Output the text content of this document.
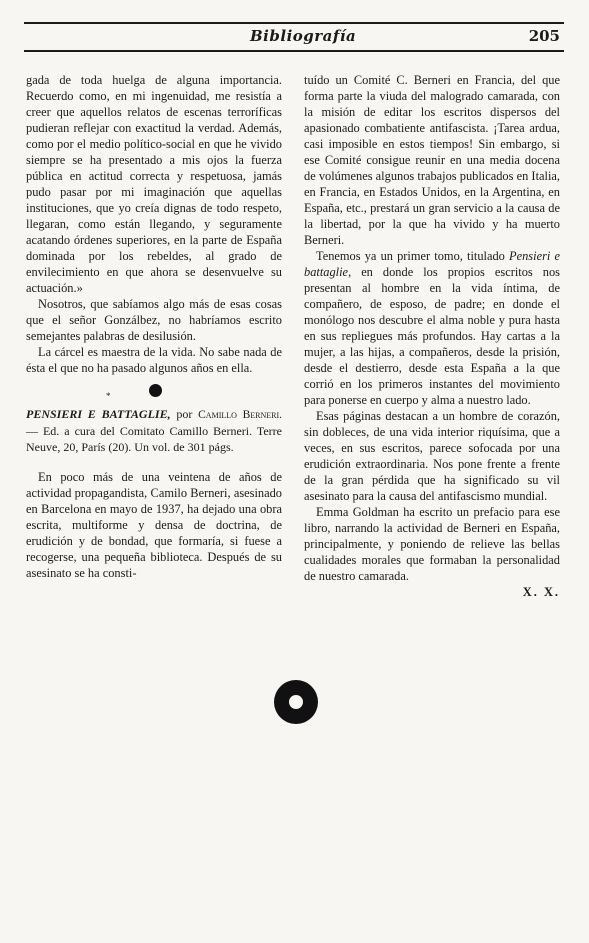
Bibliografía	205

gada de toda huelga de alguna importancia. Recuerdo como, en mi ingenuidad, me resistía a creer que aquellos relatos de escenas terroríficas pudieran reflejar con exactitud la verdad. Además, como por el medio político-social en que he vivido siempre se ha presentado a mis ojos la fuerza pública en actitud correcta y respetuosa, jamás pudo pasar por mi imaginación que aquellas instituciones, que yo creía dignas de todo respeto, llegaran, como están llegando, y seguramente acatando órdenes superiores, en la parte de España dominada por los rebeldes, al grado de envilecimiento en que ahora se desenvuelve su actuación.»

Nosotros, que sabíamos algo más de esas cosas que el señor Gonzálbez, no habríamos escrito semejantes palabras de desilusión.

La cárcel es maestra de la vida. No sabe nada de ésta el que no ha pasado algunos años en ella.

*

PENSIERI E BATTAGLIE, por Camillo Berneri. — Ed. a cura del Comitato Camillo Berneri. Terre Neuve, 20, París (20). Un vol. de 301 págs.

En poco más de una veintena de años de actividad propagandista, Camilo Berneri, asesinado en Barcelona en mayo de 1937, ha dejado una obra escrita, multiforme y densa de doctrina, de erudición y de bondad, que formaría, si fuese a recogerse, una pequeña biblioteca. Después de su asesinato se ha consti-

tuído un Comité C. Berneri en Francia, del que forma parte la viuda del malogrado camarada, con la misión de editar los escritos dispersos del apasionado combatiente antifascista. ¡Tarea ardua, casi imposible en estos tiempos! Sin embargo, si ese Comité consigue reunir en una media docena de volúmenes algunos trabajos publicados en Italia, en Francia, en Estados Unidos, en la Argentina, en España, etc., prestará un gran servicio a la causa de la libertad, por la que ha vivido y ha muerto Berneri.

Tenemos ya un primer tomo, titulado Pensieri e battaglie, en donde los propios escritos nos presentan al hombre en la vida íntima, de compañero, de esposo, de padre; en donde el monólogo nos descubre el alma noble y pura hasta en sus repliegues más profundos. Hay cartas a la mujer, a las hijas, a compañeros, desde la prisión, desde el destierro, desde esta España a la que corrió en los primeros instantes del movimiento para ponerse en cuerpo y alma a nuestro lado.

Esas páginas destacan a un hombre de corazón, sin dobleces, de una vida interior riquísima, que a veces, en sus escritos, parece sofocada por una erudición extraordinaria. Nos pone frente a frente de la gran pérdida que ha significado su vil asesinato para la causa del antifascismo mundial.

Emma Goldman ha escrito un prefacio para ese libro, narrando la actividad de Berneri en España, principalmente, y poniendo de relieve las bellas cualidades morales que formaban la personalidad de nuestro camarada.

X. X.
